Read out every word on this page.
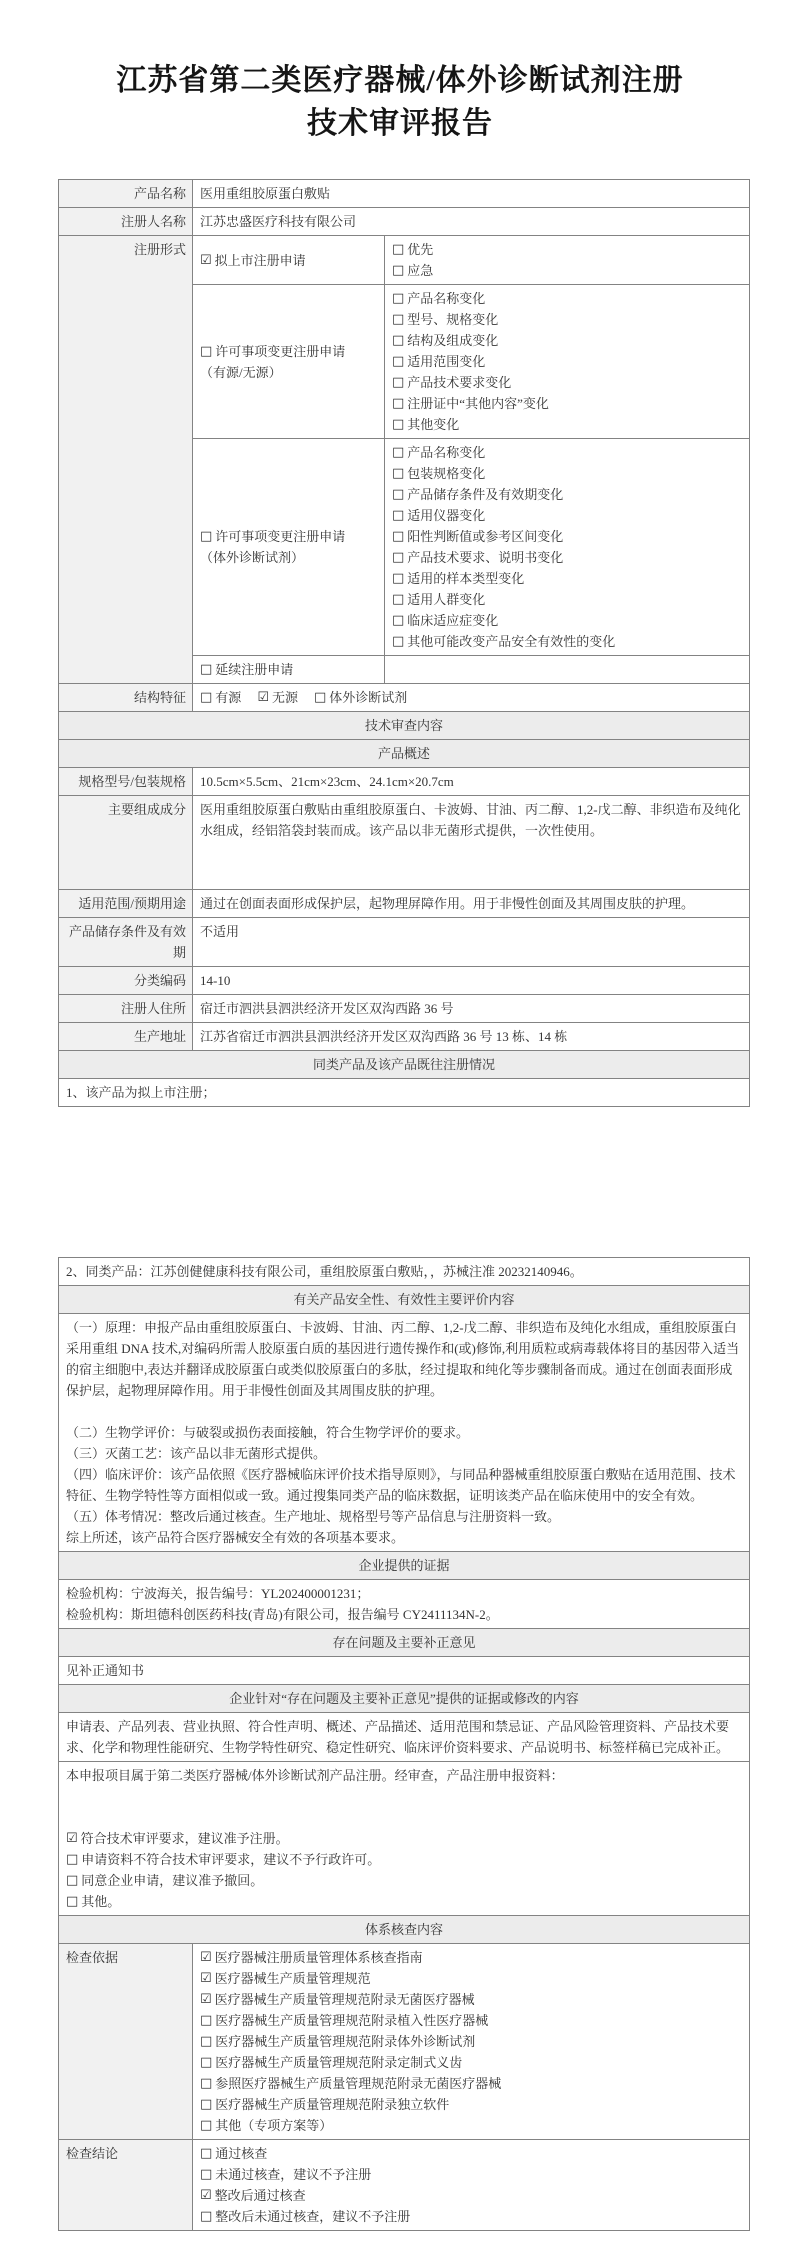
江苏省第二类医疗器械/体外诊断试剂注册
技术审评报告
产品名称	医用重组胶原蛋白敷贴	
注册人名称	江苏忠盛医疗科技有限公司	
注册形式	
☑ 拟上市注册申请

□ 优先
□ 应急

□ 许可事项变更注册申请
（有源/无源）

□ 产品名称变化
□ 型号、规格变化
□ 结构及组成变化
□ 适用范围变化
□ 产品技术要求变化
□ 注册证中“其他内容”变化
□ 其他变化

□ 许可事项变更注册申请
（体外诊断试剂）

□ 产品名称变化
□ 包装规格变化
□ 产品储存条件及有效期变化
□ 适用仪器变化
□ 阳性判断值或参考区间变化
□ 产品技术要求、说明书变化
□ 适用的样本类型变化
□ 适用人群变化
□ 临床适应症变化
□ 其他可能改变产品安全有效性的变化

	□ 延续注册申请	

结构特征	□ 有源 ☑ 无源 □ 体外诊断试剂

技术审查内容		
产品概述		
规格型号/包装规格	10.5cm×5.5cm、21cm×23cm、24.1cm×20.7cm	
主要组成成分	医用重组胶原蛋白敷贴由重组胶原蛋白、卡波姆、甘油、丙二醇、1,2-戊二醇、非织造布及纯化水组成，经铝箔袋封装而成。该产品以非无菌形式提供，一次性使用。	
适用范围/预期用途	通过在创面表面形成保护层，起物理屏障作用。用于非慢性创面及其周围皮肤的护理。	
产品储存条件及有效期	不适用	
分类编码	14-10	
注册人住所	宿迁市泗洪县泗洪经济开发区双沟西路 36 号	
生产地址	江苏省宿迁市泗洪县泗洪经济开发区双沟西路 36 号 13 栋、14 栋	
同类产品及该产品既往注册情况		
1、该产品为拟上市注册；		
2、同类产品：江苏创健健康科技有限公司，重组胶原蛋白敷贴，，苏械注准 20232140946。	
有关产品安全性、有效性主要评价内容	

（一）原理：申报产品由重组胶原蛋白、卡波姆、甘油、丙二醇、1,2-戊二醇、非织造布及纯化水组成，重组胶原蛋白采用重组 DNA 技术,对编码所需人胶原蛋白质的基因进行遗传操作和(或)修饰,利用质粒或病毒载体将目的基因带入适当的宿主细胞中,表达并翻译成胶原蛋白或类似胶原蛋白的多肽，经过提取和纯化等步骤制备而成。通过在创面表面形成保护层，起物理屏障作用。用于非慢性创面及其周围皮肤的护理。
（二）生物学评价：与破裂或损伤表面接触，符合生物学评价的要求。
（三）灭菌工艺：该产品以非无菌形式提供。
（四）临床评价：该产品依照《医疗器械临床评价技术指导原则》，与同品种器械重组胶原蛋白敷贴在适用范围、技术特征、生物学特性等方面相似或一致。通过搜集同类产品的临床数据，证明该类产品在临床使用中的安全有效。
（五）体考情况：整改后通过核查。生产地址、规格型号等产品信息与注册资料一致。
综上所述，该产品符合医疗器械安全有效的各项基本要求。

企业提供的证据	

检验机构：宁波海关，报告编号：YL202400001231；
检验机构：斯坦德科创医药科技(青岛)有限公司，报告编号 CY2411134N-2。	

存在问题及主要补正意见	
见补正通知书	
企业针对“存在问题及主要补正意见”提供的证据或修改的内容	
申请表、产品列表、营业执照、符合性声明、概述、产品描述、适用范围和禁忌证、产品风险管理资料、产品技术要求、化学和物理性能研究、生物学特性研究、稳定性研究、临床评价资料要求、产品说明书、标签样稿已完成补正。	

本申报项目属于第二类医疗器械/体外诊断试剂产品注册。经审查，产品注册申报资料：
☑ 符合技术审评要求，建议准予注册。
□ 申请资料不符合技术审评要求，建议不予行政许可。
□ 同意企业申请，建议准予撤回。
□ 其他。

体系核查内容	
检查依据	☑ 医疗器械注册质量管理体系核查指南
☑ 医疗器械生产质量管理规范
☑ 医疗器械生产质量管理规范附录无菌医疗器械
□ 医疗器械生产质量管理规范附录植入性医疗器械
□ 医疗器械生产质量管理规范附录体外诊断试剂
□ 医疗器械生产质量管理规范附录定制式义齿
□ 参照医疗器械生产质量管理规范附录无菌医疗器械
□ 医疗器械生产质量管理规范附录独立软件
□ 其他（专项方案等）

检查结论	□ 通过核查
□ 未通过核查，建议不予注册
☑ 整改后通过核查
□ 整改后未通过核查，建议不予注册
